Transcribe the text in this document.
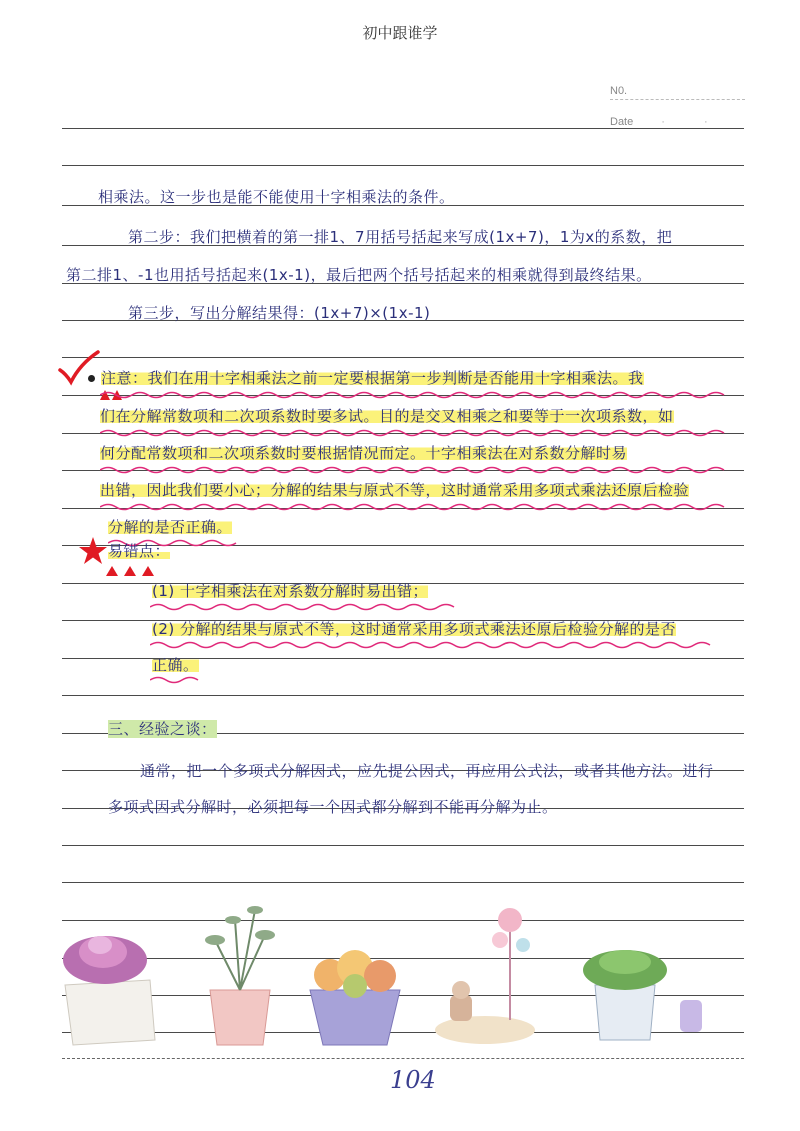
初中跟谁学
N0.
Date	· ·
相乘法。这一步也是能不能使用十字相乘法的条件。
第二步：我们把横着的第一排1、7用括号括起来写成(1x+7)，1为x的系数，把
第二排1、-1也用括号括起来(1x-1)，最后把两个括号括起来的相乘就得到最终结果。
第三步，写出分解结果得：(1x+7)×(1x-1)
注意：我们在用十字相乘法之前一定要根据第一步判断是否能用十字相乘法。我
们在分解常数项和二次项系数时要多试。目的是交叉相乘之和要等于一次项系数，如
何分配常数项和二次项系数时要根据情况而定。十字相乘法在对系数分解时易
出错，因此我们要小心；分解的结果与原式不等，这时通常采用多项式乘法还原后检验
分解的是否正确。
易错点：
(1) 十字相乘法在对系数分解时易出错；
(2) 分解的结果与原式不等，这时通常采用多项式乘法还原后检验分解的是否
正确。
三、经验之谈：
通常，把一个多项式分解因式，应先提公因式，再应用公式法，或者其他方法。进行
多项式因式分解时，必须把每一个因式都分解到不能再分解为止。
104
